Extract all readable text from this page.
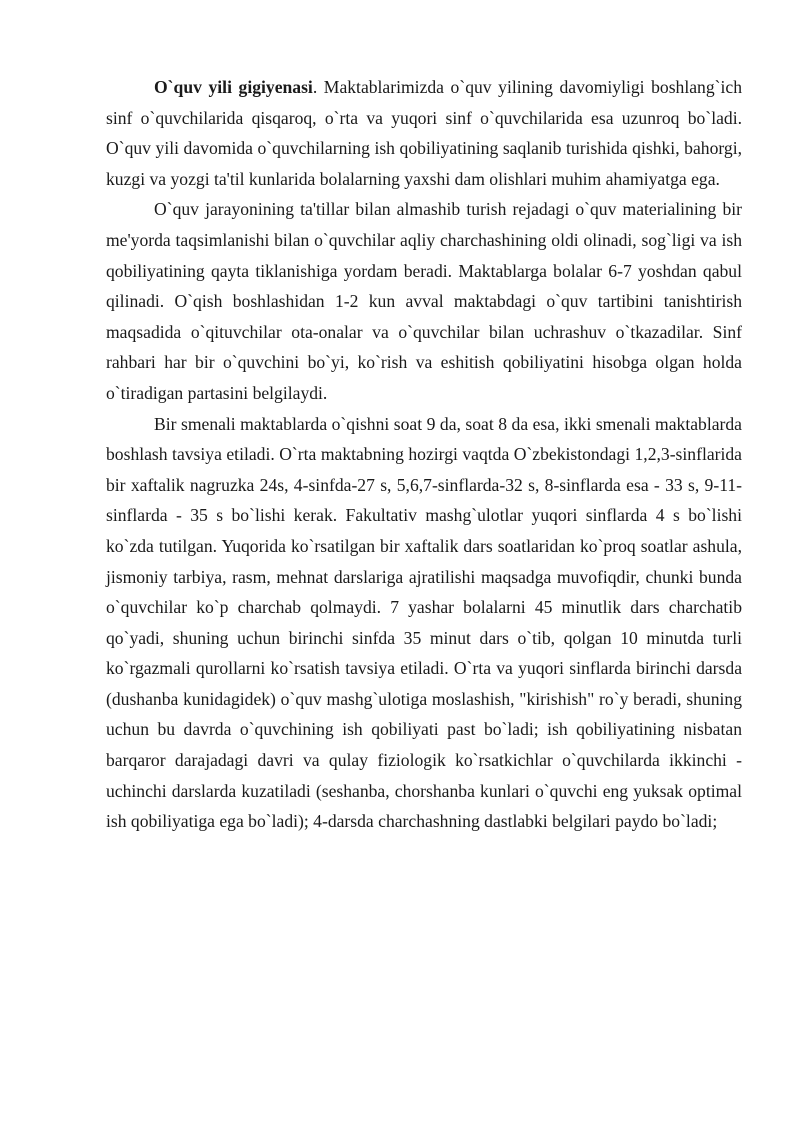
O`quv yili gigiyenasi. Maktablarimizda o`quv yilining davomiyligi boshlang`ich sinf o`quvchilarida qisqaroq, o`rta va yuqori sinf o`quvchilarida esa uzunroq bo`ladi. O`quv yili davomida o`quvchilarning ish qobiliyatining saqlanib turishida qishki, bahorgi, kuzgi va yozgi ta'til kunlarida bolalarning yaxshi dam olishlari muhim ahamiyatga ega.

O`quv jarayonining ta'tillar bilan almashib turish rejadagi o`quv materialining bir me'yorda taqsimlanishi bilan o`quvchilar aqliy charchashining oldi olinadi, sog`ligi va ish qobiliyatining qayta tiklanishiga yordam beradi. Maktablarga bolalar 6-7 yoshdan qabul qilinadi. O`qish boshlashidan 1-2 kun avval maktabdagi o`quv tartibini tanishtirish maqsadida o`qituvchilar ota-onalar va o`quvchilar bilan uchrashuv o`tkazadilar. Sinf rahbari har bir o`quvchini bo`yi, ko`rish va eshitish qobiliyatini hisobga olgan holda o`tiradigan partasini belgilaydi.

Bir smenali maktablarda o`qishni soat 9 da, soat 8 da esa, ikki smenali maktablarda boshlash tavsiya etiladi. O`rta maktabning hozirgi vaqtda O`zbekistondagi 1,2,3-sinflarida bir xaftalik nagruzka 24s, 4-sinfda-27 s, 5,6,7-sinflarda-32 s, 8-sinflarda esa - 33 s, 9-11-sinflarda - 35 s bo`lishi kerak. Fakultativ mashg`ulotlar yuqori sinflarda 4 s bo`lishi ko`zda tutilgan. Yuqorida ko`rsatilgan bir xaftalik dars soatlaridan ko`proq soatlar ashula, jismoniy tarbiya, rasm, mehnat darslariga ajratilishi maqsadga muvofiqdir, chunki bunda o`quvchilar ko`p charchab qolmaydi. 7 yashar bolalarni 45 minutlik dars charchatib qo`yadi, shuning uchun birinchi sinfda 35 minut dars o`tib, qolgan 10 minutda turli ko`rgazmali qurollarni ko`rsatish tavsiya etiladi. O`rta va yuqori sinflarda birinchi darsda (dushanba kunidagidek) o`quv mashg`ulotiga moslashish, "kirishish" ro`y beradi, shuning uchun bu davrda o`quvchining ish qobiliyati past bo`ladi; ish qobiliyatining nisbatan barqaror darajadagi davri va qulay fiziologik ko`rsatkichlar o`quvchilarda ikkinchi - uchinchi darslarda kuzatiladi (seshanba, chorshanba kunlari o`quvchi eng yuksak optimal ish qobiliyatiga ega bo`ladi); 4-darsda charchashning dastlabki belgilari paydo bo`ladi;
